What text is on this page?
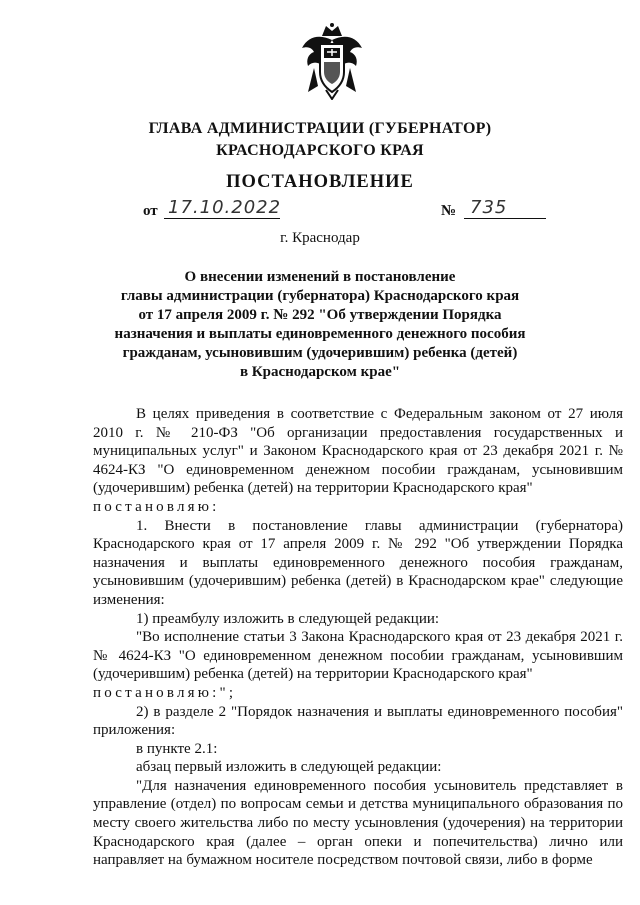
ГЛАВА АДМИНИСТРАЦИИ (ГУБЕРНАТОР)
КРАСНОДАРСКОГО КРАЯ
ПОСТАНОВЛЕНИЕ
от 17.10.2022	№ 735
г. Краснодар
О внесении изменений в постановление
главы администрации (губернатора) Краснодарского края
от 17 апреля 2009 г. № 292 "Об утверждении Порядка
назначения и выплаты единовременного денежного пособия
гражданам, усыновившим (удочерившим) ребенка (детей)
в Краснодарском крае"

В целях приведения в соответствие с Федеральным законом от 27 июля 2010 г. № 210-ФЗ "Об организации предоставления государственных и муниципальных услуг" и Законом Краснодарского края от 23 декабря 2021 г. № 4624-КЗ "О единовременном денежном пособии гражданам, усыновившим (удочерившим) ребенка (детей) на территории Краснодарского края"

постановляю:

1. Внести в постановление главы администрации (губернатора) Краснодарского края от 17 апреля 2009 г. № 292 "Об утверждении Порядка назначения и выплаты единовременного денежного пособия гражданам, усыновившим (удочерившим) ребенка (детей) в Краснодарском крае" следующие изменения:

1) преамбулу изложить в следующей редакции:

"Во исполнение статьи 3 Закона Краснодарского края от 23 декабря 2021 г. № 4624-КЗ "О единовременном денежном пособии гражданам, усыновившим (удочерившим) ребенка (детей) на территории Краснодарского края"

постановляю:";

2) в разделе 2 "Порядок назначения и выплаты единовременного пособия" приложения:

в пункте 2.1:

абзац первый изложить в следующей редакции:

"Для назначения единовременного пособия усыновитель представляет в управление (отдел) по вопросам семьи и детства муниципального образования по месту своего жительства либо по месту усыновления (удочерения) на территории Краснодарского края (далее – орган опеки и попечительства) лично или направляет на бумажном носителе посредством почтовой связи, либо в форме
